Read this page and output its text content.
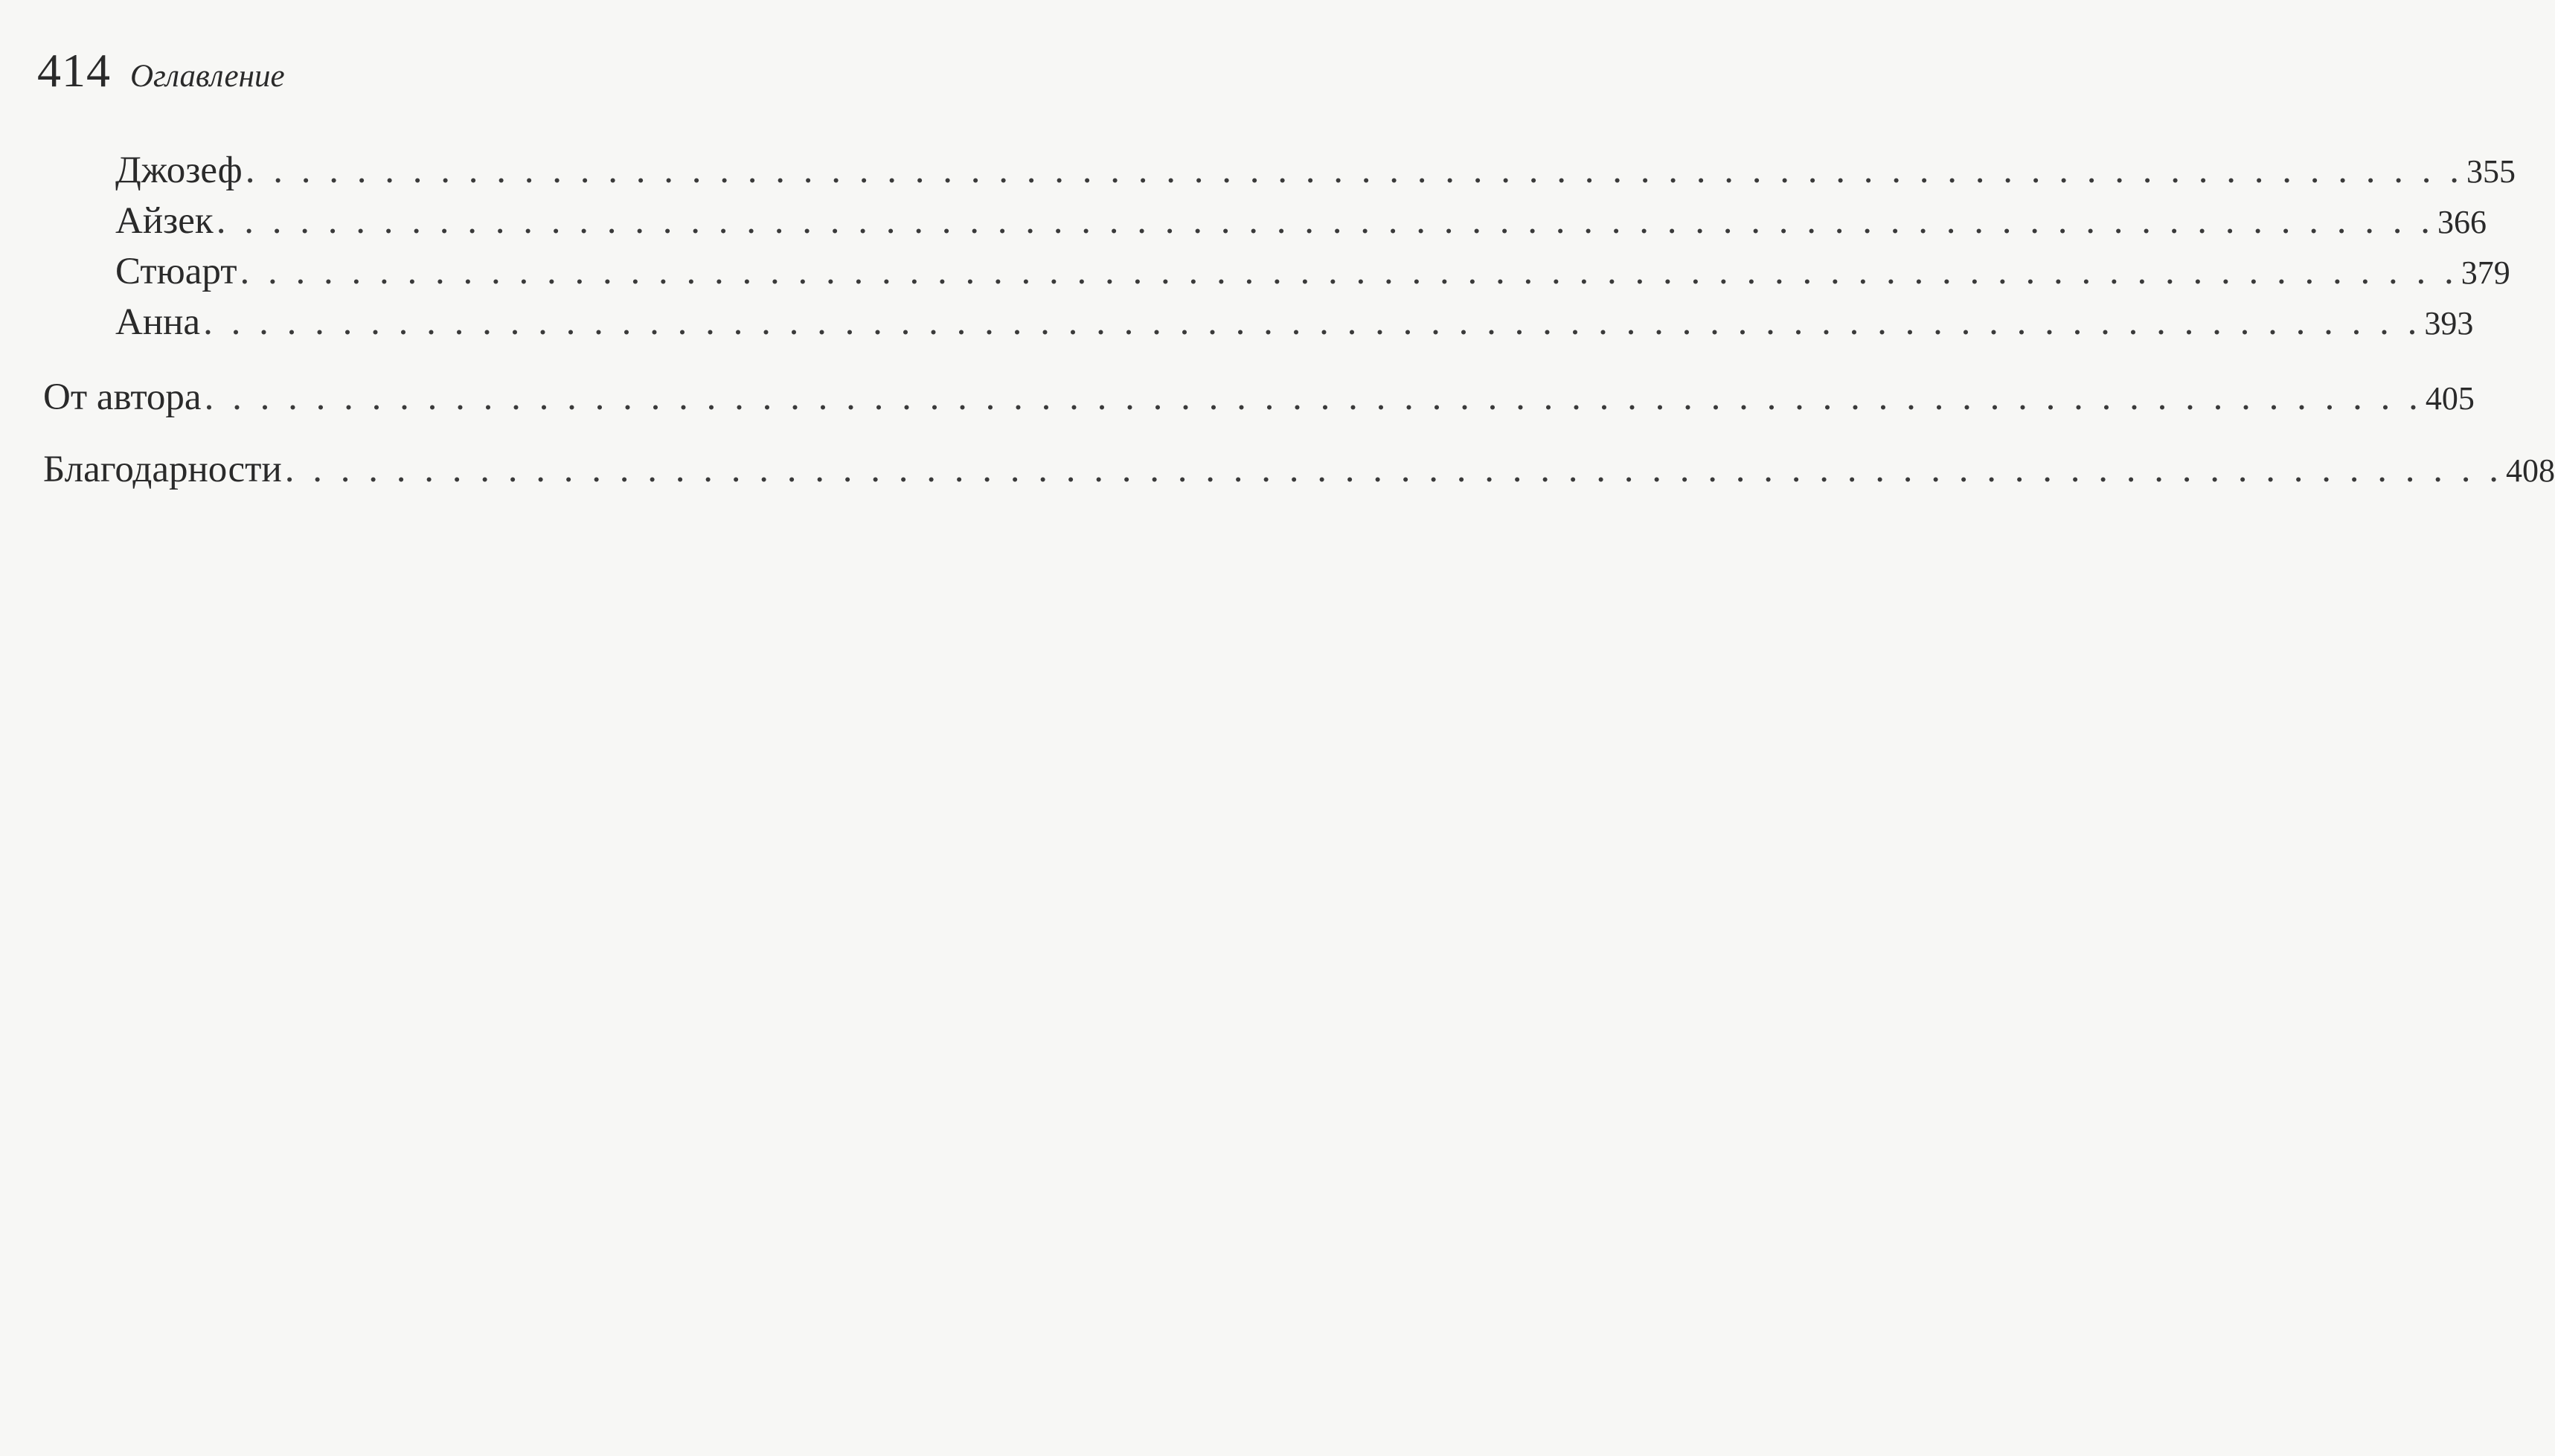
414 Оглавление
Джозеф . . . . . . . . . . . . . . . . . . . . . . . . . . . . . . . . . . . . . . . . . . . . . . . . . . . . . . . . . . . . . . . . . . . . . . . . . . . . . . . . 355
Айзек . . . . . . . . . . . . . . . . . . . . . . . . . . . . . . . . . . . . . . . . . . . . . . . . . . . . . . . . . . . . . . . . . . . . . . . . . . . . . . . . 366
Стюарт . . . . . . . . . . . . . . . . . . . . . . . . . . . . . . . . . . . . . . . . . . . . . . . . . . . . . . . . . . . . . . . . . . . . . . . . . . . . . . . . 379
Анна . . . . . . . . . . . . . . . . . . . . . . . . . . . . . . . . . . . . . . . . . . . . . . . . . . . . . . . . . . . . . . . . . . . . . . . . . . . . . . . . 393
От автора . . . . . . . . . . . . . . . . . . . . . . . . . . . . . . . . . . . . . . . . . . . . . . . . . . . . . . . . . . . . . . . . . . . . . . . . . . . . . . . . 405
Благодарности . . . . . . . . . . . . . . . . . . . . . . . . . . . . . . . . . . . . . . . . . . . . . . . . . . . . . . . . . . . . . . . . . . . . . . . . . . . . . . . . 408
